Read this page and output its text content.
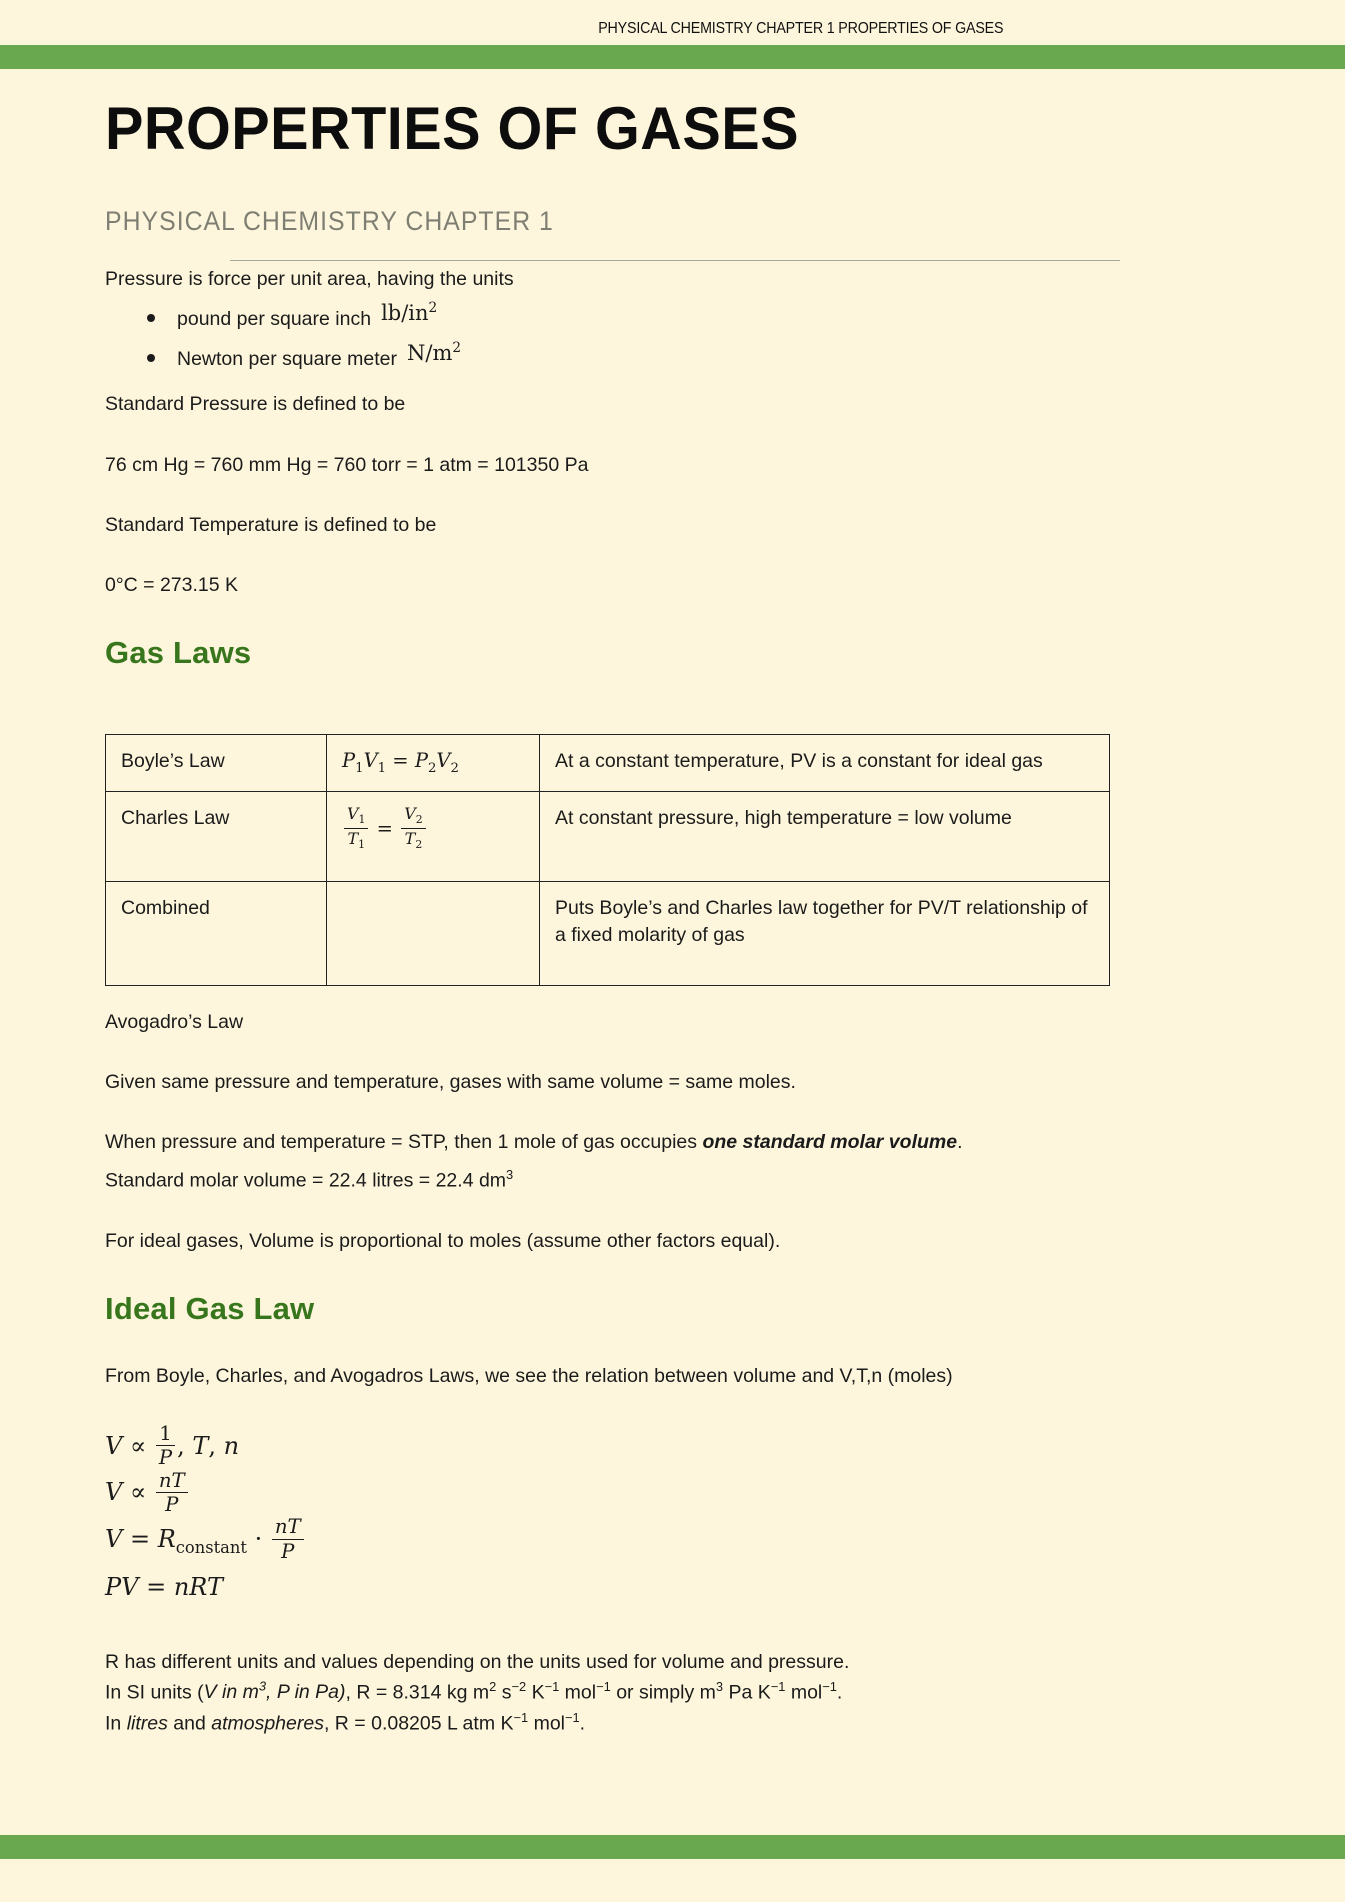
PHYSICAL CHEMISTRY CHAPTER 1 PROPERTIES OF GASES
PROPERTIES OF GASES
PHYSICAL CHEMISTRY CHAPTER 1

Pressure is force per unit area, having the units

pound per square inch $lb/in^2$
Newton per square meter $N/m^2$

Standard Pressure is defined to be

76 cm Hg = 760 mm Hg = 760 torr = 1 atm = 101350 Pa

Standard Temperature is defined to be

0°C = 273.15 K

Gas Laws
Boyle’s Law	$P_1V_1 = P_2V_2$	At a constant temperature, PV is a constant for ideal gas
Charles Law	$\frac{V_1}{T_1} = \frac{V_2}{T_2}$	At constant pressure, high temperature = low volume
Combined		Puts Boyle’s and Charles law together for PV/T relationship of a fixed molarity of gas

Avogadro’s Law

Given same pressure and temperature, gases with same volume = same moles.

When pressure and temperature = STP, then 1 mole of gas occupies one standard molar volume.

Standard molar volume = 22.4 litres = 22.4 $dm^3$

For ideal gases, Volume is proportional to moles (assume other factors equal).

Ideal Gas Law

From Boyle, Charles, and Avogadros Laws, we see the relation between volume and V,T,n (moles)

$V \propto \frac{1}{P}$ , T, n
$V \propto \frac{nT}{P}$
$V = R_{constant} \cdot \frac{nT}{P}$
PV = nRT

R has different units and values depending on the units used for volume and pressure.

In SI units (V in $m^3$, P in Pa), R = 8.314 kg $m^2$ $s^{-2}$ $K^{-1}$ mol$^{-1}$ or simply $m^3$ Pa $K^{-1}$ mol$^{-1}$.

In litres and atmospheres, R = 0.08205 L atm $K^{-1}$ mol$^{-1}$.
